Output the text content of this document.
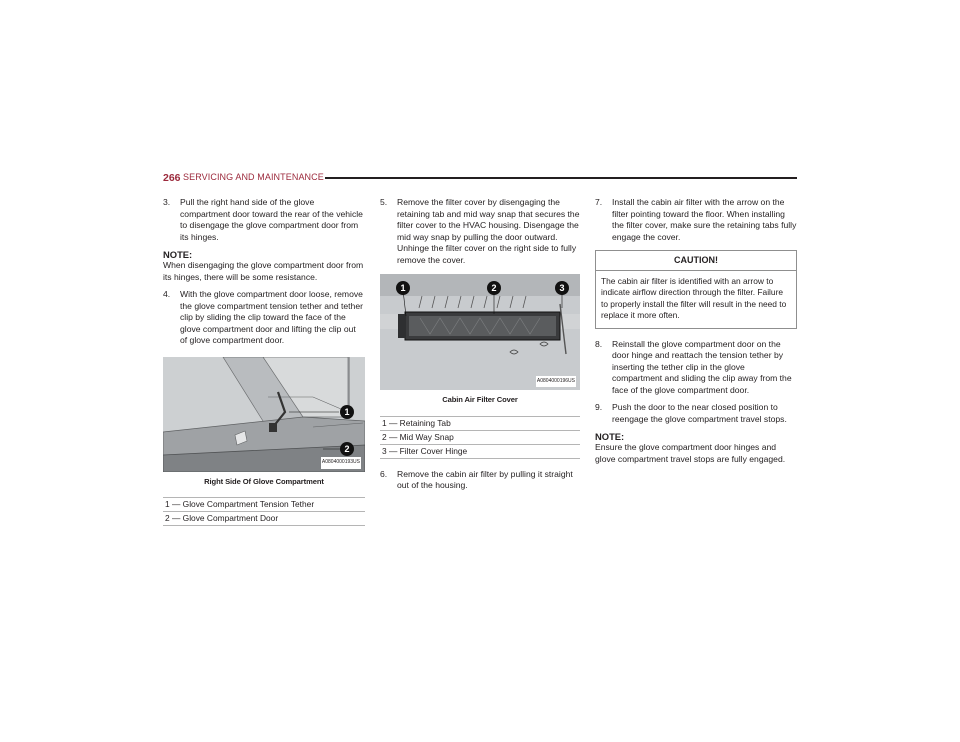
266 SERVICING AND MAINTENANCE
3. Pull the right hand side of the glove compartment door toward the rear of the vehicle to disengage the glove compartment door from its hinges.
NOTE:
When disengaging the glove compartment door from its hinges, there will be some resistance.
4. With the glove compartment door loose, remove the glove compartment tension tether and tether clip by sliding the clip toward the face of the glove compartment door and lifting the clip out of glove compartment door.
1
2
A0804000193US
Right Side Of Glove Compartment
1 — Glove Compartment Tension Tether
2 — Glove Compartment Door
5. Remove the filter cover by disengaging the retaining tab and mid way snap that secures the filter cover to the HVAC housing. Disengage the mid way snap by pulling the door outward. Unhinge the filter cover on the right side to fully remove the cover.
1	2	3
A0804000196US
Cabin Air Filter Cover
1 — Retaining Tab
2 — Mid Way Snap
3 — Filter Cover Hinge
6. Remove the cabin air filter by pulling it straight out of the housing.
7. Install the cabin air filter with the arrow on the filter pointing toward the floor. When installing the filter cover, make sure the retaining tabs fully engage the cover.
CAUTION!
The cabin air filter is identified with an arrow to indicate airflow direction through the filter. Failure to properly install the filter will result in the need to replace it more often.
8. Reinstall the glove compartment door on the door hinge and reattach the tension tether by inserting the tether clip in the glove compartment and sliding the clip away from the face of the glove compartment door.
9. Push the door to the near closed position to reengage the glove compartment travel stops.
NOTE:
Ensure the glove compartment door hinges and glove compartment travel stops are fully engaged.
